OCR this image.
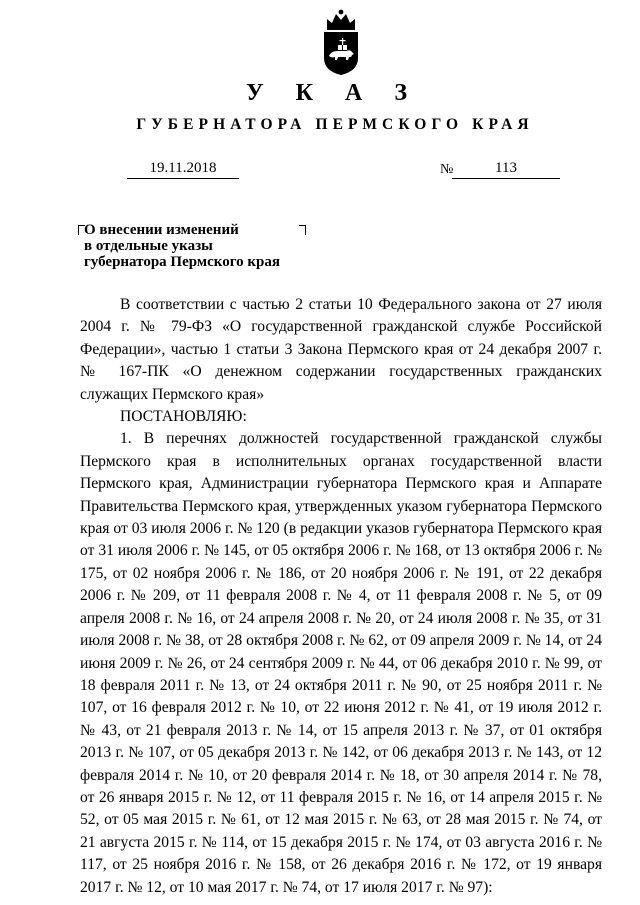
У К А З
ГУБЕРНАТОРА ПЕРМСКОГО КРАЯ
19.11.2018	№	113
О внесении изменений
в отдельные указы
губернатора Пермского края

В соответствии с частью 2 статьи 10 Федерального закона от 27 июля 2004 г. № 79-ФЗ «О государственной гражданской службе Российской Федерации», частью 1 статьи 3 Закона Пермского края от 24 декабря 2007 г. № 167-ПК «О денежном содержании государственных гражданских служащих Пермского края»

ПОСТАНОВЛЯЮ:

1. В перечнях должностей государственной гражданской службы Пермского края в исполнительных органах государственной власти Пермского края, Администрации губернатора Пермского края и Аппарате Правительства Пермского края, утвержденных указом губернатора Пермского края от 03 июля 2006 г. № 120 (в редакции указов губернатора Пермского края от 31 июля 2006 г. № 145, от 05 октября 2006 г. № 168, от 13 октября 2006 г. № 175, от 02 ноября 2006 г. № 186, от 20 ноября 2006 г. № 191, от 22 декабря 2006 г. № 209, от 11 февраля 2008 г. № 4, от 11 февраля 2008 г. № 5, от 09 апреля 2008 г. № 16, от 24 апреля 2008 г. № 20, от 24 июля 2008 г. № 35, от 31 июля 2008 г. № 38, от 28 октября 2008 г. № 62, от 09 апреля 2009 г. № 14, от 24 июня 2009 г. № 26, от 24 сентября 2009 г. № 44, от 06 декабря 2010 г. № 99, от 18 февраля 2011 г. № 13, от 24 октября 2011 г. № 90, от 25 ноября 2011 г. № 107, от 16 февраля 2012 г. № 10, от 22 июня 2012 г. № 41, от 19 июля 2012 г. № 43, от 21 февраля 2013 г. № 14, от 15 апреля 2013 г. № 37, от 01 октября 2013 г. № 107, от 05 декабря 2013 г. № 142, от 06 декабря 2013 г. № 143, от 12 февраля 2014 г. № 10, от 20 февраля 2014 г. № 18, от 30 апреля 2014 г. № 78, от 26 января 2015 г. № 12, от 11 февраля 2015 г. № 16, от 14 апреля 2015 г. № 52, от 05 мая 2015 г. № 61, от 12 мая 2015 г. № 63, от 28 мая 2015 г. № 74, от 21 августа 2015 г. № 114, от 15 декабря 2015 г. № 174, от 03 августа 2016 г. № 117, от 25 ноября 2016 г. № 158, от 26 декабря 2016 г. № 172, от 19 января 2017 г. № 12, от 10 мая 2017 г. № 74, от 17 июля 2017 г. № 97):
